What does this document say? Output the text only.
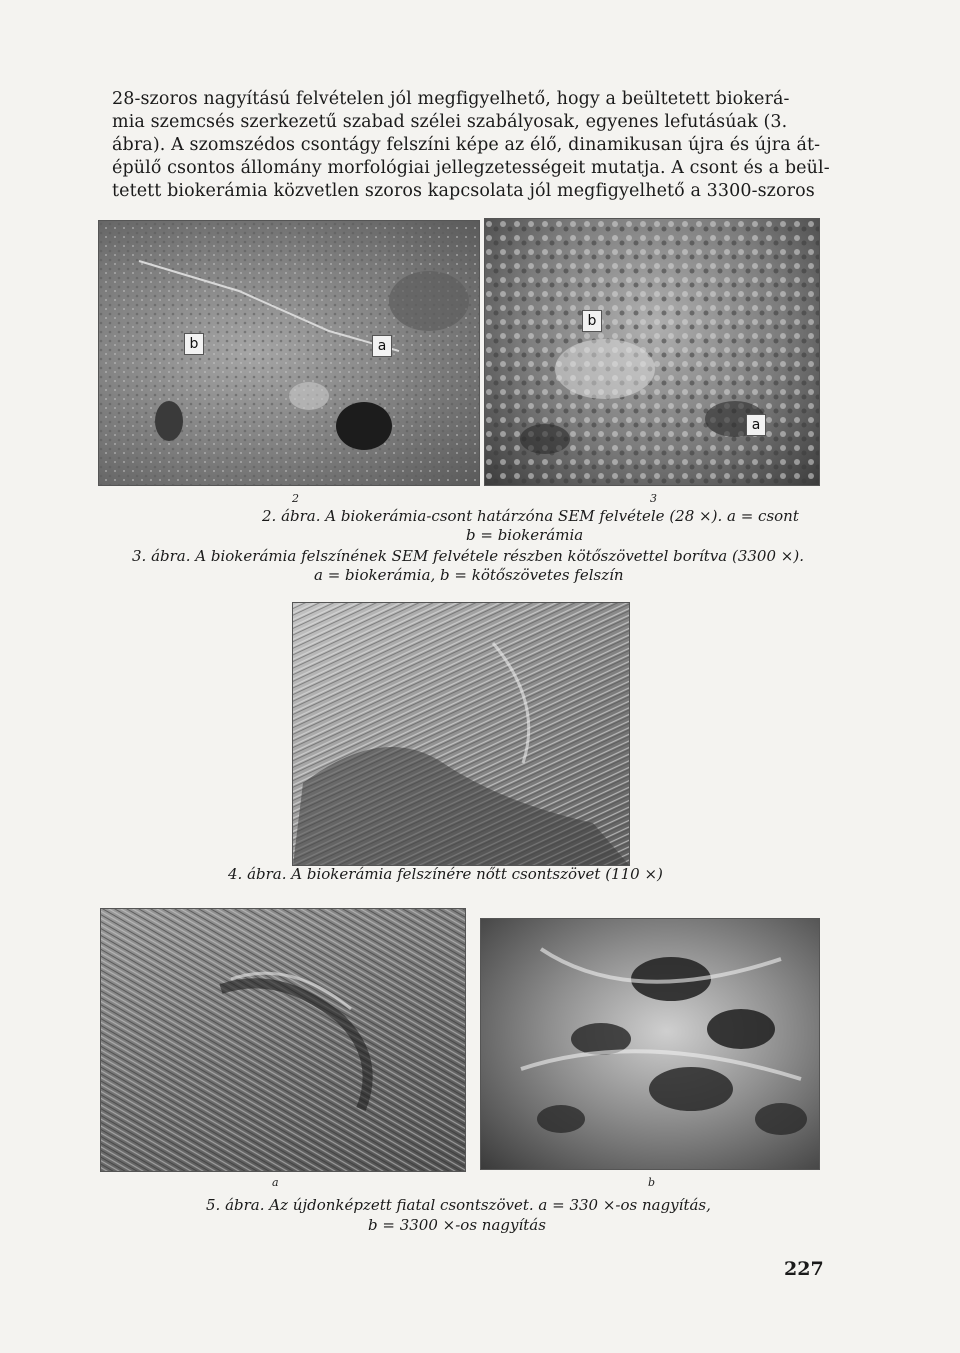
28-szoros nagyítású felvételen jól megfigyelhető, hogy a beültetett biokerá-
mia szemcsés szerkezetű szabad szélei szabályosak, egyenes lefutásúak (3.
ábra). A szomszédos csontágy felszíni képe az élő, dinamikusan újra és újra át-
épülő csontos állomány morfológiai jellegzetességeit mutatja. A csont és a beül-
tetett biokerámia közvetlen szoros kapcsolata jól megfigyelhető a 3300-szoros
b	a
2
b
a
3
2. ábra. A biokerámia-csont határzóna SEM felvétele (28 ×). a = csont
b = biokerámia
3. ábra. A biokerámia felszínének SEM felvétele részben kötőszövettel borítva (3300 ×).
a = biokerámia, b = kötőszövetes felszín
4. ábra. A biokerámia felszínére nőtt csontszövet (110 ×)
a	b
5. ábra. Az újdonképzett fiatal csontszövet. a = 330 ×-os nagyítás,
b = 3300 ×-os nagyítás
227
